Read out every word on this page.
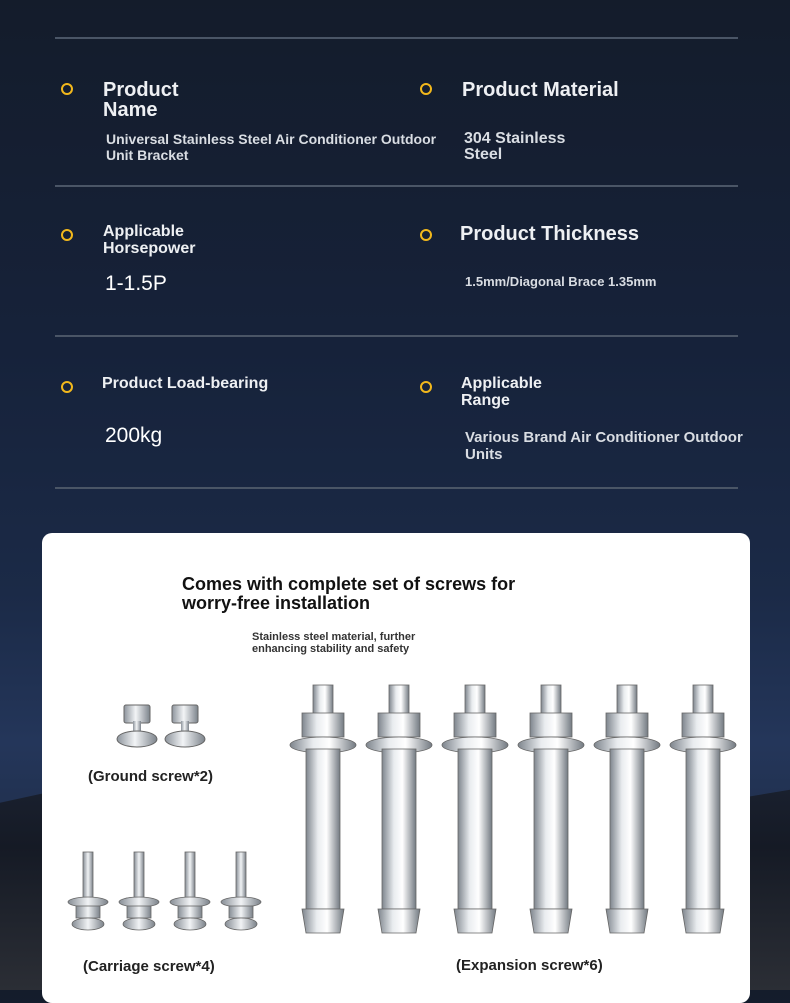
Product Name
Universal Stainless Steel Air Conditioner Outdoor Unit Bracket
Product Material
304 Stainless Steel
Applicable Horsepower
1-1.5P
Product Thickness
1.5mm/Diagonal Brace 1.35mm
Product Load-bearing
200kg
Applicable Range
Various Brand Air Conditioner Outdoor Units
Comes with complete set of screws for worry-free installation
Stainless steel material, further enhancing stability and safety
(Ground screw*2)
(Carriage screw*4)	(Expansion screw*6)
